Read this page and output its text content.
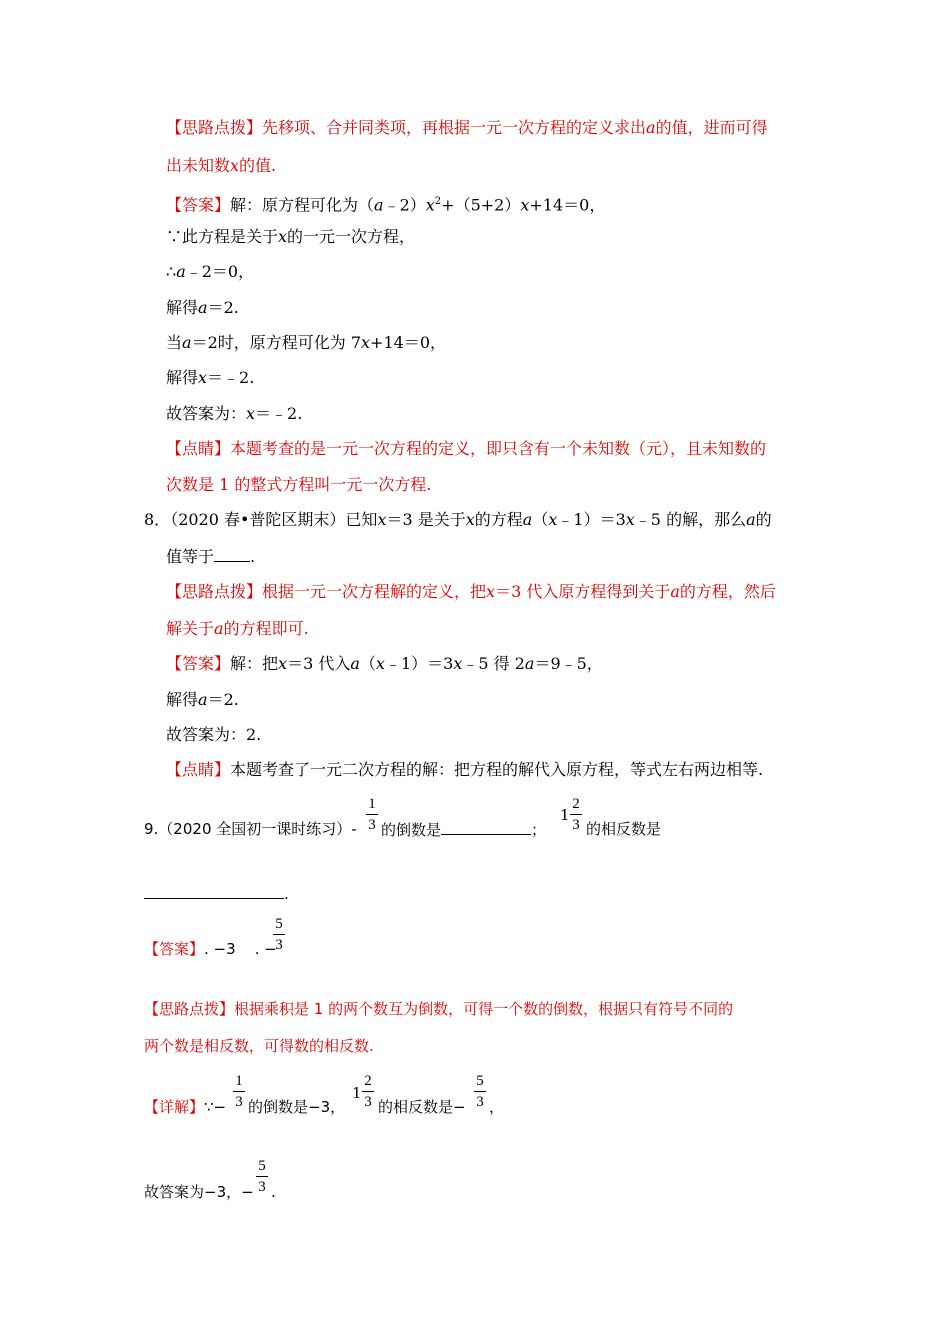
【思路点拨】先移项、合并同类项，再根据一元一次方程的定义求出a的值，进而可得
出未知数x的值.
【答案】解：原方程可化为$(a﹣2)x^2+(5+2)x+14=0$，
∵此方程是关于x的一元一次方程，
∴a﹣2＝0，
解得a＝2.
当a＝2时，原方程可化为 7x+14＝0，
解得x＝﹣2.
故答案为：x＝﹣2.
【点睛】本题考查的是一元一次方程的定义，即只含有一个未知数（元），且未知数的
次数是 1 的整式方程叫一元一次方程.
8．（2020 春•普陀区期末）已知x＝3 是关于x的方程a（x﹣1）＝3x﹣5 的解，那么a的
值等于 .
【思路点拨】根据一元一次方程解的定义，把x＝3 代入原方程得到关于a的方程，然后
解关于a的方程即可.
【答案】解：把x＝3 代入a（x﹣1）＝3x﹣5 得 2a＝9﹣5，
解得a＝2.
故答案为：2.
【点睛】本题考查了一元二次方程的解：把方程的解代入原方程，等式左右两边相等.
9.（2020 全国初一课时练习）-
1
3 的倒数是	；
1
2
3 的相反数是
.
【答案】. −3 . −
5
3
【思路点拨】根据乘积是 1 的两个数互为倒数，可得一个数的倒数，根据只有符号不同的
两个数是相反数，可得数的相反数.
【详解】∵−
1
3 的倒数是−3，
1
2
3 的相反数是−
5
3 ，
故答案为−3，−
5
3 .
